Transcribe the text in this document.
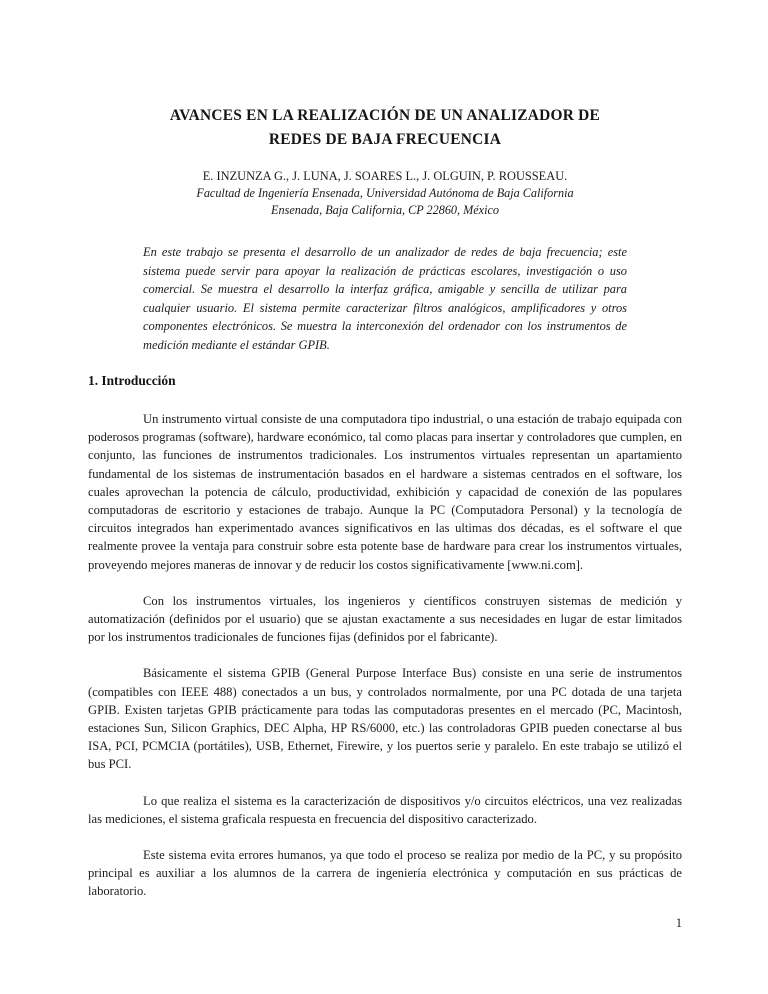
AVANCES EN LA REALIZACIÓN DE UN ANALIZADOR DE
REDES DE BAJA FRECUENCIA
E. INZUNZA G., J. LUNA, J. SOARES L., J. OLGUIN, P. ROUSSEAU.
Facultad de Ingeniería Ensenada, Universidad Autónoma de Baja California
Ensenada, Baja California, CP 22860, México

En este trabajo se presenta el desarrollo de un analizador de redes de baja frecuencia; este sistema puede servir para apoyar la realización de prácticas escolares, investigación o uso comercial. Se muestra el desarrollo la interfaz gráfica, amigable y sencilla de utilizar para cualquier usuario. El sistema permite caracterizar filtros analógicos, amplificadores y otros componentes electrónicos. Se muestra la interconexión del ordenador con los instrumentos de medición mediante el estándar GPIB.

1. Introducción

Un instrumento virtual consiste de una computadora tipo industrial, o una estación de trabajo equipada con poderosos programas (software), hardware económico, tal como placas para insertar y controladores que cumplen, en conjunto, las funciones de instrumentos tradicionales. Los instrumentos virtuales representan un apartamiento fundamental de los sistemas de instrumentación basados en el hardware a sistemas centrados en el software, los cuales aprovechan la potencia de cálculo, productividad, exhibición y capacidad de conexión de las populares computadoras de escritorio y estaciones de trabajo. Aunque la PC (Computadora Personal) y la tecnología de circuitos integrados han experimentado avances significativos en las ultimas dos décadas, es el software el que realmente provee la ventaja para construir sobre esta potente base de hardware para crear los instrumentos virtuales, proveyendo mejores maneras de innovar y de reducir los costos significativamente [www.ni.com].

Con los instrumentos virtuales, los ingenieros y científicos construyen sistemas de medición y automatización (definidos por el usuario) que se ajustan exactamente a sus necesidades en lugar de estar limitados por los instrumentos tradicionales de funciones fijas (definidos por el fabricante).

Básicamente el sistema GPIB (General Purpose Interface Bus) consiste en una serie de instrumentos (compatibles con IEEE 488) conectados a un bus, y controlados normalmente, por una PC dotada de una tarjeta GPIB. Existen tarjetas GPIB prácticamente para todas las computadoras presentes en el mercado (PC, Macintosh, estaciones Sun, Silicon Graphics, DEC Alpha, HP RS/6000, etc.) las controladoras GPIB pueden conectarse al bus ISA, PCI, PCMCIA (portátiles), USB, Ethernet, Firewire, y los puertos serie y paralelo. En este trabajo se utilizó el bus PCI.

Lo que realiza el sistema es la caracterización de dispositivos y/o circuitos eléctricos, una vez realizadas las mediciones, el sistema graficala respuesta en frecuencia del dispositivo caracterizado.

Este sistema evita errores humanos, ya que todo el proceso se realiza por medio de la PC, y su propósito principal es auxiliar a los alumnos de la carrera de ingeniería electrónica y computación en sus prácticas de laboratorio.

1
